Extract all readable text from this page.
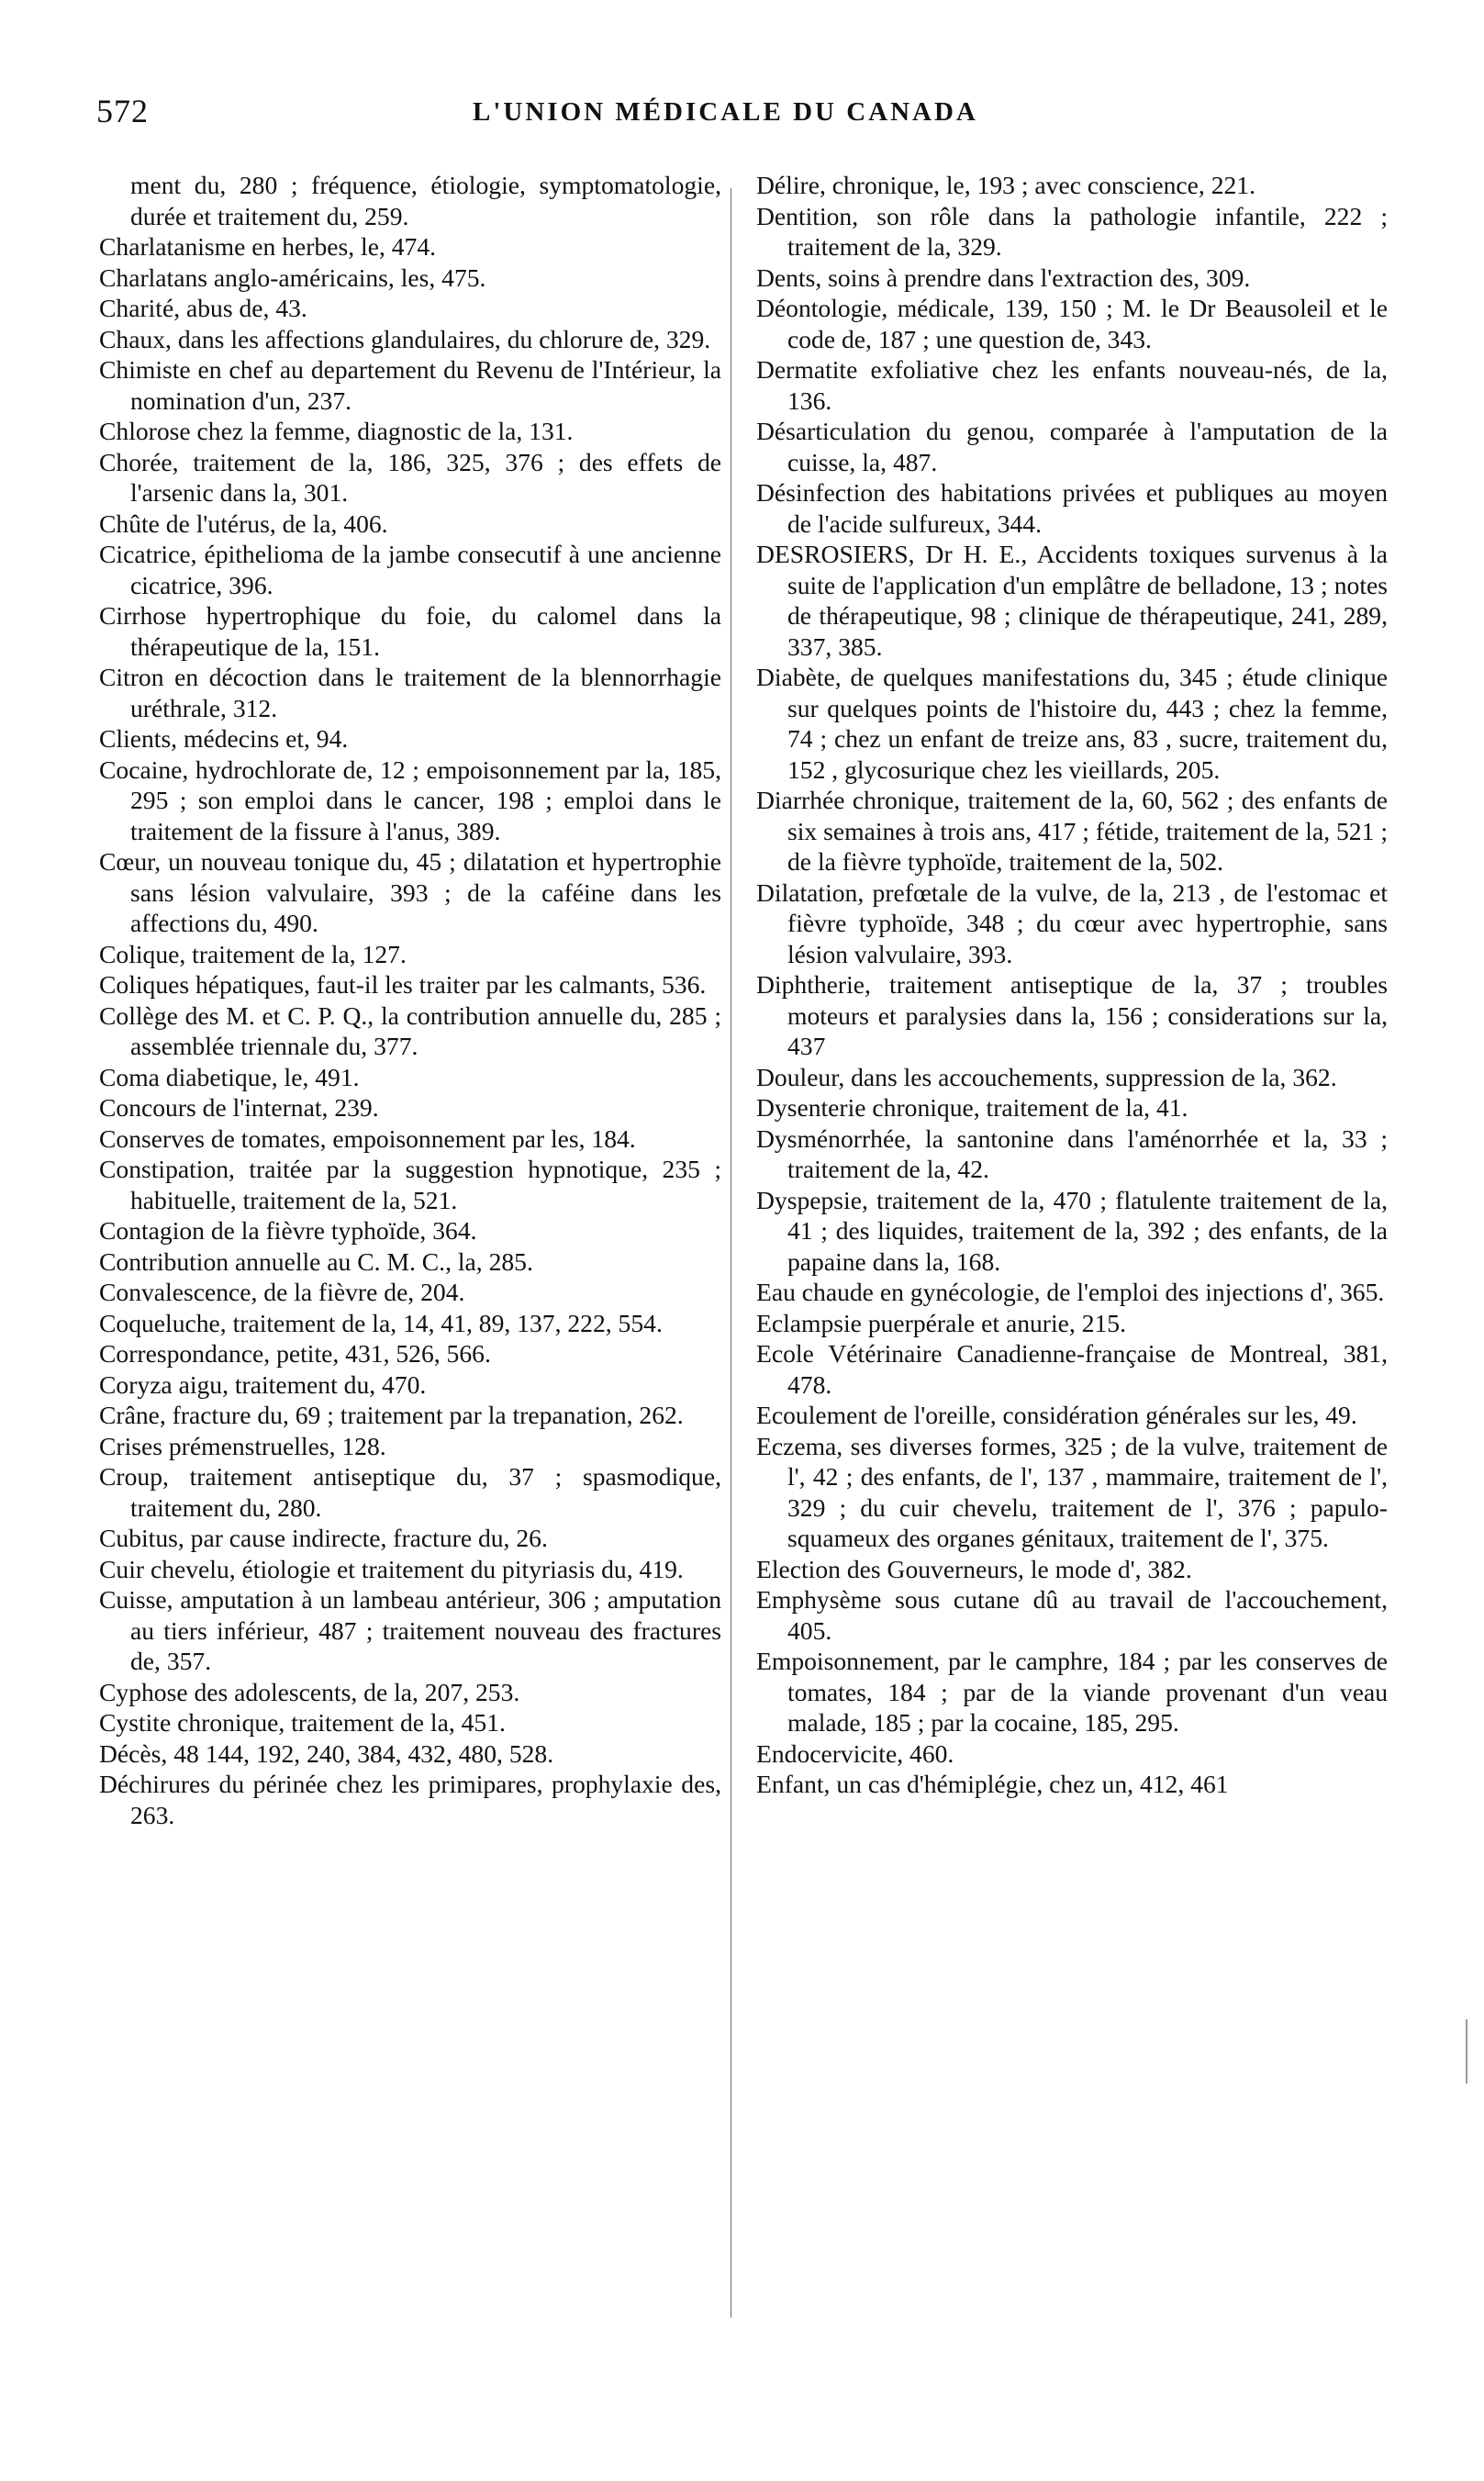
572	L'UNION MÉDICALE DU CANADA

ment du, 280 ; fréquence, étiologie, symptomatologie, durée et traitement du, 259.

Charlatanisme en herbes, le, 474.

Charlatans anglo-américains, les, 475.

Charité, abus de, 43.

Chaux, dans les affections glandulaires, du chlorure de, 329.

Chimiste en chef au departement du Revenu de l'Intérieur, la nomination d'un, 237.

Chlorose chez la femme, diagnostic de la, 131.

Chorée, traitement de la, 186, 325, 376 ; des effets de l'arsenic dans la, 301.

Chûte de l'utérus, de la, 406.

Cicatrice, épithelioma de la jambe consecutif à une ancienne cicatrice, 396.

Cirrhose hypertrophique du foie, du calomel dans la thérapeutique de la, 151.

Citron en décoction dans le traitement de la blennorrhagie uréthrale, 312.

Clients, médecins et, 94.

Cocaine, hydrochlorate de, 12 ; empoisonnement par la, 185, 295 ; son emploi dans le cancer, 198 ; emploi dans le traitement de la fissure à l'anus, 389.

Cœur, un nouveau tonique du, 45 ; dilatation et hypertrophie sans lésion valvulaire, 393 ; de la caféine dans les affections du, 490.

Colique, traitement de la, 127.

Coliques hépatiques, faut-il les traiter par les calmants, 536.

Collège des M. et C. P. Q., la contribution annuelle du, 285 ; assemblée triennale du, 377.

Coma diabetique, le, 491.

Concours de l'internat, 239.

Conserves de tomates, empoisonnement par les, 184.

Constipation, traitée par la suggestion hypnotique, 235 ; habituelle, traitement de la, 521.

Contagion de la fièvre typhoïde, 364.

Contribution annuelle au C. M. C., la, 285.

Convalescence, de la fièvre de, 204.

Coqueluche, traitement de la, 14, 41, 89, 137, 222, 554.

Correspondance, petite, 431, 526, 566.

Coryza aigu, traitement du, 470.

Crâne, fracture du, 69 ; traitement par la trepanation, 262.

Crises prémenstruelles, 128.

Croup, traitement antiseptique du, 37 ; spasmodique, traitement du, 280.

Cubitus, par cause indirecte, fracture du, 26.

Cuir chevelu, étiologie et traitement du pityriasis du, 419.

Cuisse, amputation à un lambeau antérieur, 306 ; amputation au tiers inférieur, 487 ; traitement nouveau des fractures de, 357.

Cyphose des adolescents, de la, 207, 253.

Cystite chronique, traitement de la, 451.

Décès, 48 144, 192, 240, 384, 432, 480, 528.

Déchirures du périnée chez les primipares, prophylaxie des, 263.

Délire, chronique, le, 193 ; avec conscience, 221.

Dentition, son rôle dans la pathologie infantile, 222 ; traitement de la, 329.

Dents, soins à prendre dans l'extraction des, 309.

Déontologie, médicale, 139, 150 ; M. le Dr Beausoleil et le code de, 187 ; une question de, 343.

Dermatite exfoliative chez les enfants nouveau-nés, de la, 136.

Désarticulation du genou, comparée à l'amputation de la cuisse, la, 487.

Désinfection des habitations privées et publiques au moyen de l'acide sulfureux, 344.

DESROSIERS, Dr H. E., Accidents toxiques survenus à la suite de l'application d'un emplâtre de belladone, 13 ; notes de thérapeutique, 98 ; clinique de thérapeutique, 241, 289, 337, 385.

Diabète, de quelques manifestations du, 345 ; étude clinique sur quelques points de l'histoire du, 443 ; chez la femme, 74 ; chez un enfant de treize ans, 83 , sucre, traitement du, 152 , glycosurique chez les vieillards, 205.

Diarrhée chronique, traitement de la, 60, 562 ; des enfants de six semaines à trois ans, 417 ; fétide, traitement de la, 521 ; de la fièvre typhoïde, traitement de la, 502.

Dilatation, prefœtale de la vulve, de la, 213 , de l'estomac et fièvre typhoïde, 348 ; du cœur avec hypertrophie, sans lésion valvulaire, 393.

Diphtherie, traitement antiseptique de la, 37 ; troubles moteurs et paralysies dans la, 156 ; considerations sur la, 437

Douleur, dans les accouchements, suppression de la, 362.

Dysenterie chronique, traitement de la, 41.

Dysménorrhée, la santonine dans l'aménorrhée et la, 33 ; traitement de la, 42.

Dyspepsie, traitement de la, 470 ; flatulente traitement de la, 41 ; des liquides, traitement de la, 392 ; des enfants, de la papaine dans la, 168.

Eau chaude en gynécologie, de l'emploi des injections d', 365.

Eclampsie puerpérale et anurie, 215.

Ecole Vétérinaire Canadienne-française de Montreal, 381, 478.

Ecoulement de l'oreille, considération générales sur les, 49.

Eczema, ses diverses formes, 325 ; de la vulve, traitement de l', 42 ; des enfants, de l', 137 , mammaire, traitement de l', 329 ; du cuir chevelu, traitement de l', 376 ; papulo-squameux des organes génitaux, traitement de l', 375.

Election des Gouverneurs, le mode d', 382.

Emphysème sous cutane dû au travail de l'accouchement, 405.

Empoisonnement, par le camphre, 184 ; par les conserves de tomates, 184 ; par de la viande provenant d'un veau malade, 185 ; par la cocaine, 185, 295.

Endocervicite, 460.

Enfant, un cas d'hémiplégie, chez un, 412, 461
